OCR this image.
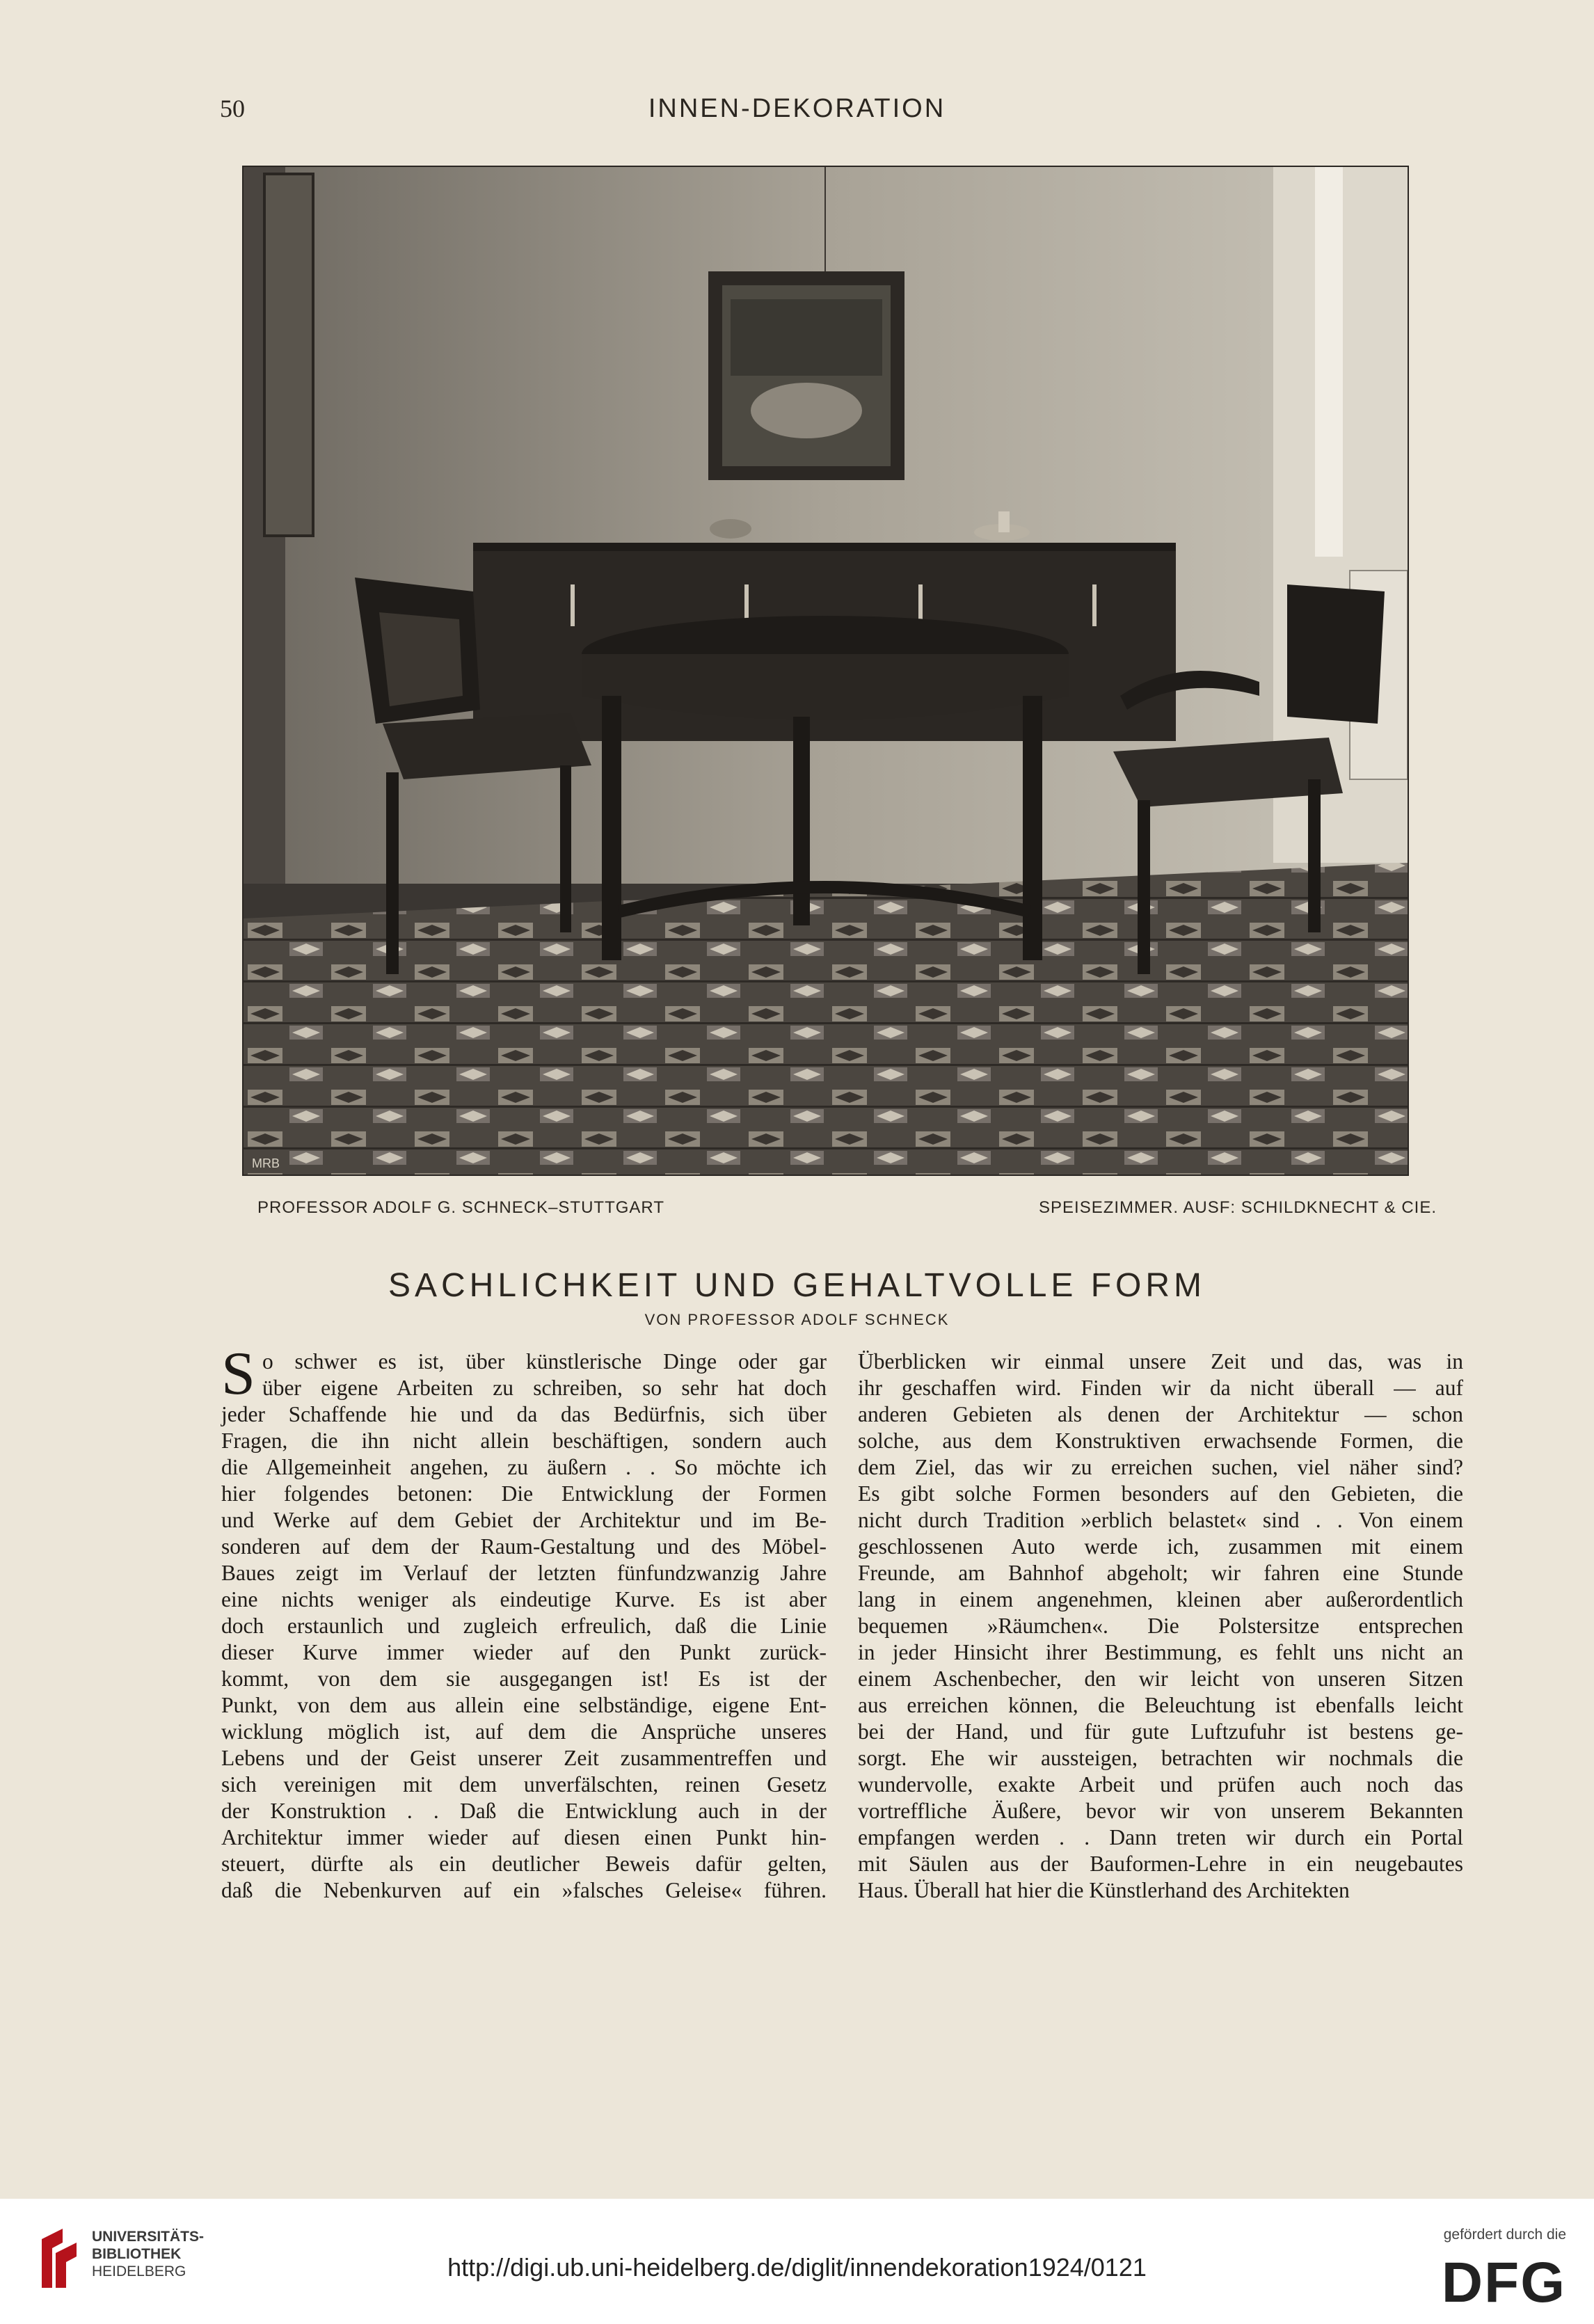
50	INNEN-DEKORATION
MRB
PROFESSOR ADOLF G. SCHNECK–STUTTGART	SPEISEZIMMER. AUSF: SCHILDKNECHT & CIE.
SACHLICHKEIT UND GEHALTVOLLE FORM
VON PROFESSOR ADOLF SCHNECK
S o schwer es ist, über künstlerische Dinge oder gar
über eigene Arbeiten zu schreiben, so sehr hat doch
jeder Schaffende hie und da das Bedürfnis, sich über
Fragen, die ihn nicht allein beschäftigen, sondern auch
die Allgemeinheit angehen, zu äußern . . So möchte ich
hier folgendes betonen: Die Entwicklung der Formen
und Werke auf dem Gebiet der Architektur und im Be-
sonderen auf dem der Raum-Gestaltung und des Möbel-
Baues zeigt im Verlauf der letzten fünfundzwanzig Jahre
eine nichts weniger als eindeutige Kurve. Es ist aber
doch erstaunlich und zugleich erfreulich, daß die Linie
dieser Kurve immer wieder auf den Punkt zurück-
kommt, von dem sie ausgegangen ist! Es ist der
Punkt, von dem aus allein eine selbständige, eigene Ent-
wicklung möglich ist, auf dem die Ansprüche unseres
Lebens und der Geist unserer Zeit zusammentreffen und
sich vereinigen mit dem unverfälschten, reinen Gesetz
der Konstruktion . . Daß die Entwicklung auch in der
Architektur immer wieder auf diesen einen Punkt hin-
steuert, dürfte als ein deutlicher Beweis dafür gelten,
daß die Nebenkurven auf ein »falsches Geleise« führen.
Überblicken wir einmal unsere Zeit und das, was in
ihr geschaffen wird. Finden wir da nicht überall — auf
anderen Gebieten als denen der Architektur — schon
solche, aus dem Konstruktiven erwachsende Formen, die
dem Ziel, das wir zu erreichen suchen, viel näher sind?
Es gibt solche Formen besonders auf den Gebieten, die
nicht durch Tradition »erblich belastet« sind . . Von einem
geschlossenen Auto werde ich, zusammen mit einem
Freunde, am Bahnhof abgeholt; wir fahren eine Stunde
lang in einem angenehmen, kleinen aber außerordentlich
bequemen »Räumchen«. Die Polstersitze entsprechen
in jeder Hinsicht ihrer Bestimmung, es fehlt uns nicht an
einem Aschenbecher, den wir leicht von unseren Sitzen
aus erreichen können, die Beleuchtung ist ebenfalls leicht
bei der Hand, und für gute Luftzufuhr ist bestens ge-
sorgt. Ehe wir aussteigen, betrachten wir nochmals die
wundervolle, exakte Arbeit und prüfen auch noch das
vortreffliche Äußere, bevor wir von unserem Bekannten
empfangen werden . . Dann treten wir durch ein Portal
mit Säulen aus der Bauformen-Lehre in ein neugebautes
Haus. Überall hat hier die Künstlerhand des Architekten
UNIVERSITÄTS-
BIBLIOTHEK
HEIDELBERG	http://digi.ub.uni-heidelberg.de/diglit/innendekoration1924/0121
gefördert durch die
DFG
